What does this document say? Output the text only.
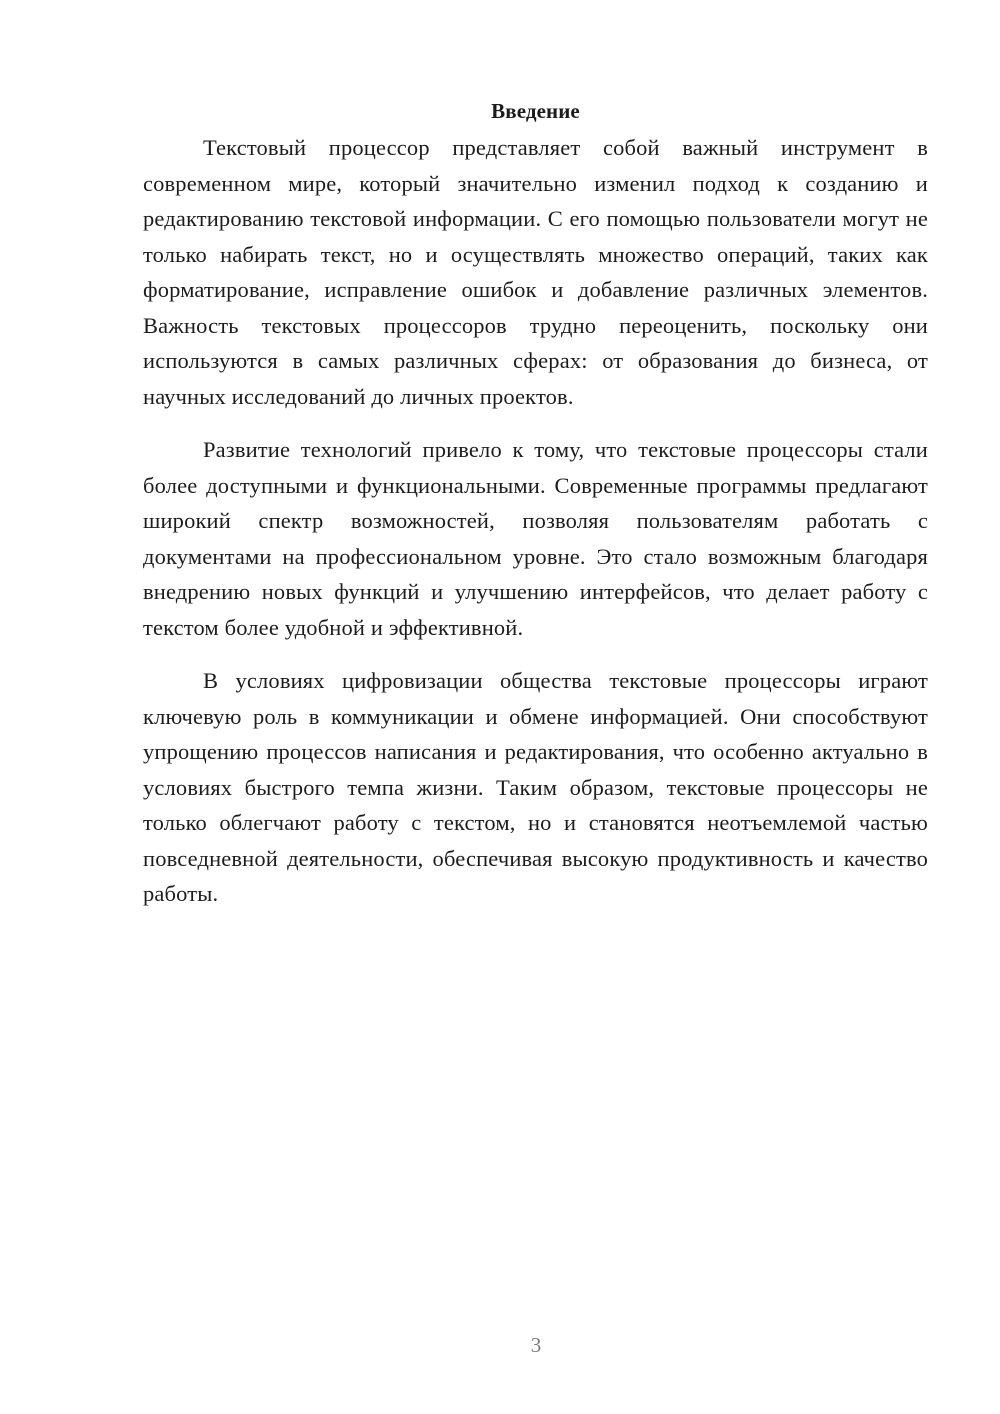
Введение

Текстовый процессор представляет собой важный инструмент в современном мире, который значительно изменил подход к созданию и редактированию текстовой информации. С его помощью пользователи могут не только набирать текст, но и осуществлять множество операций, таких как форматирование, исправление ошибок и добавление различных элементов. Важность текстовых процессоров трудно переоценить, поскольку они используются в самых различных сферах: от образования до бизнеса, от научных исследований до личных проектов.

Развитие технологий привело к тому, что текстовые процессоры стали более доступными и функциональными. Современные программы предлагают широкий спектр возможностей, позволяя пользователям работать с документами на профессиональном уровне. Это стало возможным благодаря внедрению новых функций и улучшению интерфейсов, что делает работу с текстом более удобной и эффективной.

В условиях цифровизации общества текстовые процессоры играют ключевую роль в коммуникации и обмене информацией. Они способствуют упрощению процессов написания и редактирования, что особенно актуально в условиях быстрого темпа жизни. Таким образом, текстовые процессоры не только облегчают работу с текстом, но и становятся неотъемлемой частью повседневной деятельности, обеспечивая высокую продуктивность и качество работы.

3
